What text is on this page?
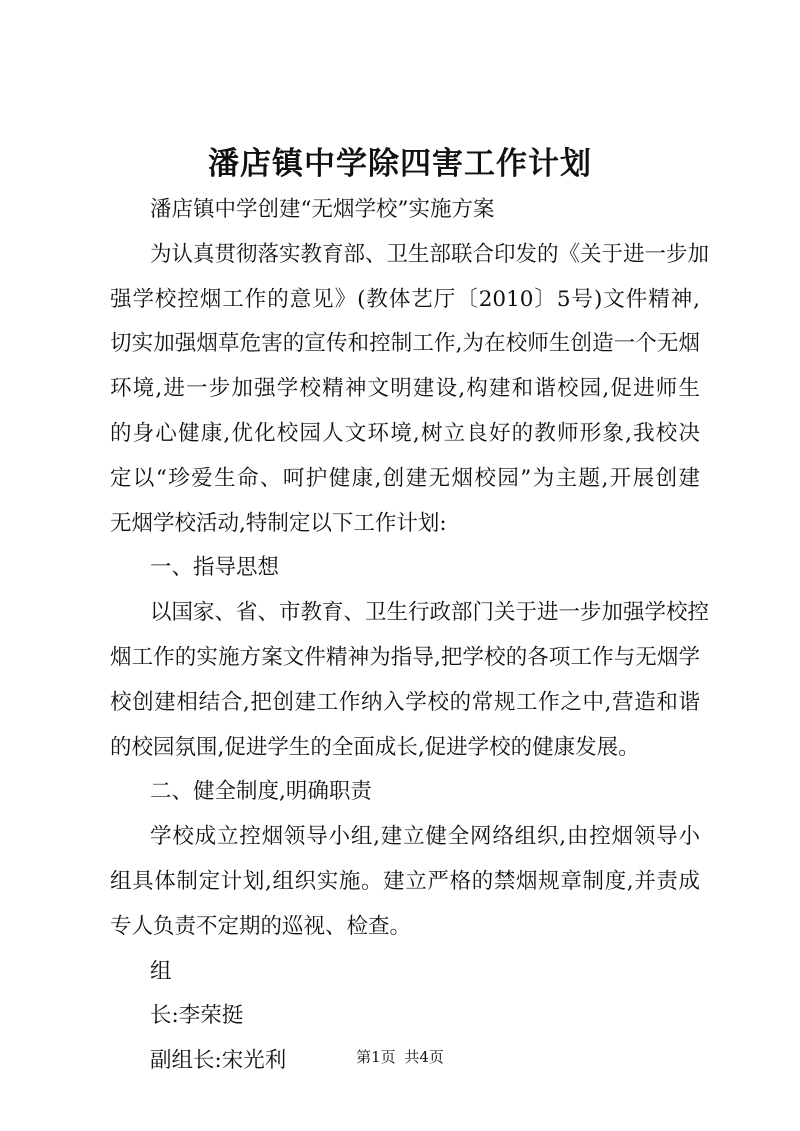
潘店镇中学除四害工作计划
潘店镇中学创建“无烟学校”实施方案
为认真贯彻落实教育部、卫生部联合印发的《关于进一步加
强学校控烟工作的意见》(教体艺厅〔2010〕5号)文件精神,
切实加强烟草危害的宣传和控制工作,为在校师生创造一个无烟
环境,进一步加强学校精神文明建设,构建和谐校园,促进师生
的身心健康,优化校园人文环境,树立良好的教师形象,我校决
定以“珍爱生命、呵护健康,创建无烟校园”为主题,开展创建
无烟学校活动,特制定以下工作计划:
一、指导思想
以国家、省、市教育、卫生行政部门关于进一步加强学校控
烟工作的实施方案文件精神为指导,把学校的各项工作与无烟学
校创建相结合,把创建工作纳入学校的常规工作之中,营造和谐
的校园氛围,促进学生的全面成长,促进学校的健康发展。
二、健全制度,明确职责
学校成立控烟领导小组,建立健全网络组织,由控烟领导小
组具体制定计划,组织实施。建立严格的禁烟规章制度,并责成
专人负责不定期的巡视、检查。
组
长:李荣挺
副组长:宋光利	第1页 共4页
